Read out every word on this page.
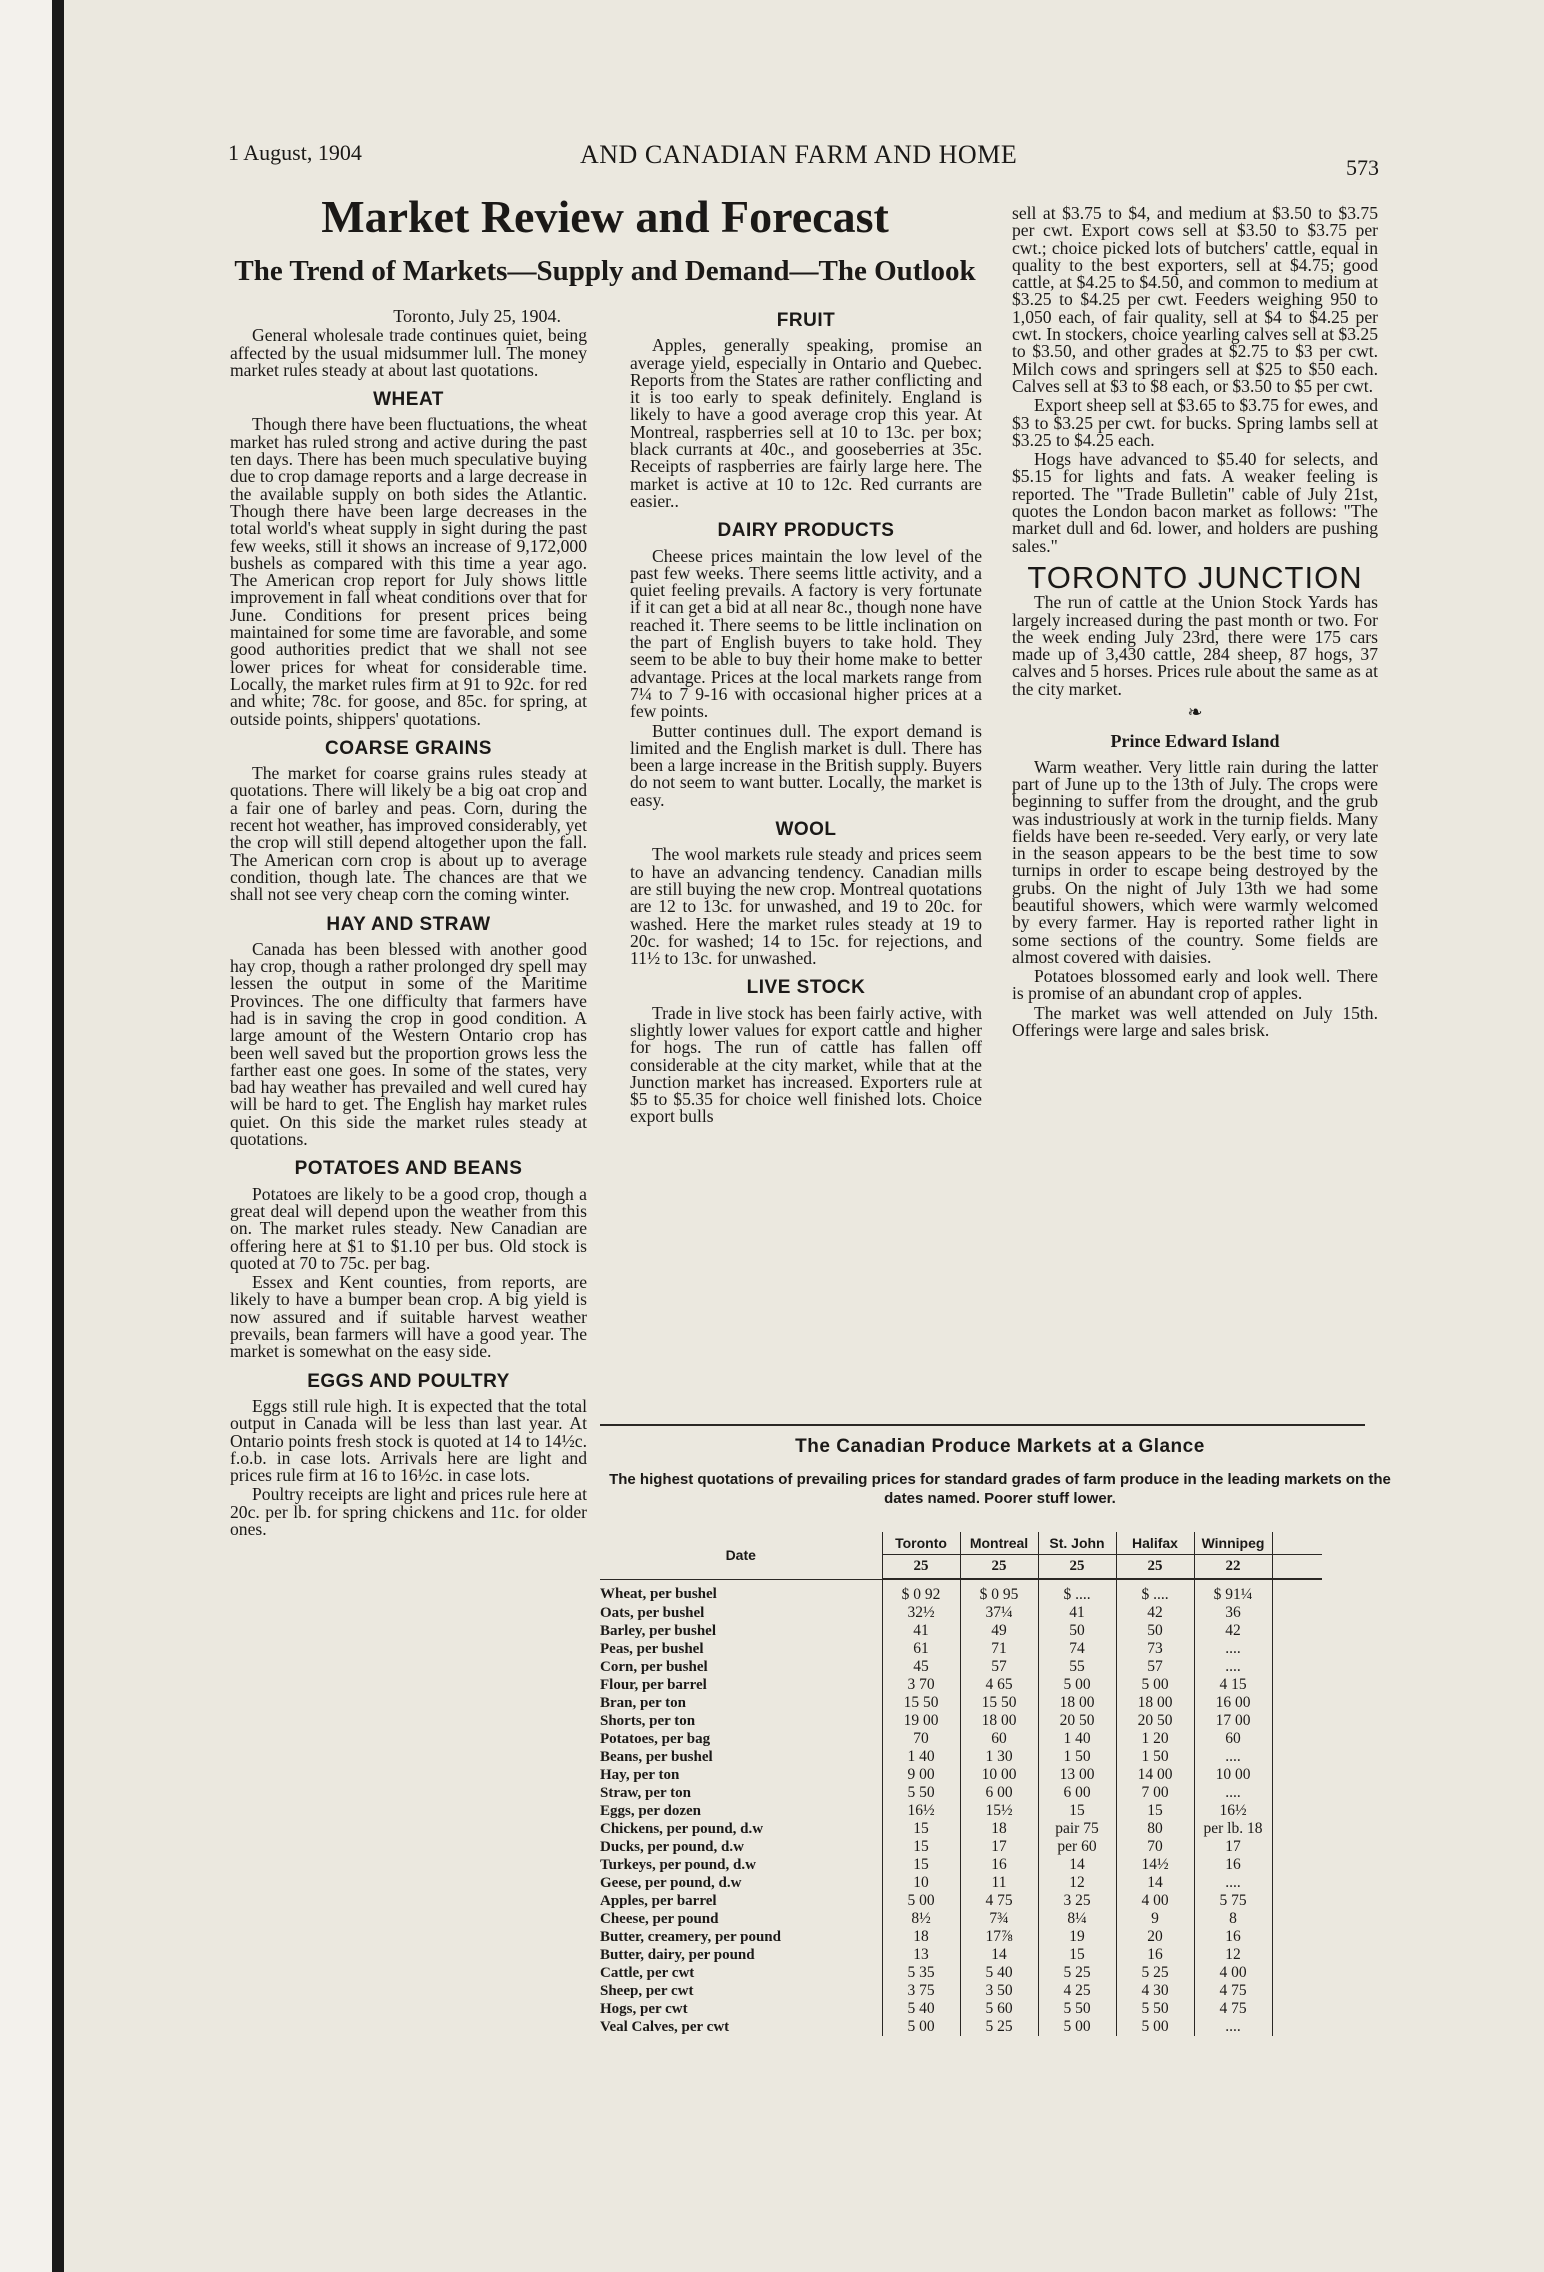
1 August, 1904	AND CANADIAN FARM AND HOME	573
Market Review and Forecast
The Trend of Markets—Supply and Demand—The Outlook

Toronto, July 25, 1904.

General wholesale trade continues quiet, being affected by the usual midsummer lull. The money market rules steady at about last quotations.

WHEAT

Though there have been fluctuations, the wheat market has ruled strong and active during the past ten days. There has been much speculative buying due to crop damage reports and a large decrease in the available supply on both sides the Atlantic. Though there have been large decreases in the total world's wheat supply in sight during the past few weeks, still it shows an increase of 9,172,000 bushels as compared with this time a year ago. The American crop report for July shows little improvement in fall wheat conditions over that for June. Conditions for present prices being maintained for some time are favorable, and some good authorities predict that we shall not see lower prices for wheat for considerable time. Locally, the market rules firm at 91 to 92c. for red and white; 78c. for goose, and 85c. for spring, at outside points, shippers' quotations.

COARSE GRAINS

The market for coarse grains rules steady at quotations. There will likely be a big oat crop and a fair one of barley and peas. Corn, during the recent hot weather, has improved considerably, yet the crop will still depend altogether upon the fall. The American corn crop is about up to average condition, though late. The chances are that we shall not see very cheap corn the coming winter.

HAY AND STRAW

Canada has been blessed with another good hay crop, though a rather prolonged dry spell may lessen the output in some of the Maritime Provinces. The one difficulty that farmers have had is in saving the crop in good condition. A large amount of the Western Ontario crop has been well saved but the proportion grows less the farther east one goes. In some of the states, very bad hay weather has prevailed and well cured hay will be hard to get. The English hay market rules quiet. On this side the market rules steady at quotations.

POTATOES AND BEANS

Potatoes are likely to be a good crop, though a great deal will depend upon the weather from this on. The market rules steady. New Canadian are offering here at $1 to $1.10 per bus. Old stock is quoted at 70 to 75c. per bag.

Essex and Kent counties, from reports, are likely to have a bumper bean crop. A big yield is now assured and if suitable harvest weather prevails, bean farmers will have a good year. The market is somewhat on the easy side.

EGGS AND POULTRY

Eggs still rule high. It is expected that the total output in Canada will be less than last year. At Ontario points fresh stock is quoted at 14 to 14½c. f.o.b. in case lots. Arrivals here are light and prices rule firm at 16 to 16½c. in case lots.

Poultry receipts are light and prices rule here at 20c. per lb. for spring chickens and 11c. for older ones.

FRUIT

Apples, generally speaking, promise an average yield, especially in Ontario and Quebec. Reports from the States are rather conflicting and it is too early to speak definitely. England is likely to have a good average crop this year. At Montreal, raspberries sell at 10 to 13c. per box; black currants at 40c., and gooseberries at 35c. Receipts of raspberries are fairly large here. The market is active at 10 to 12c. Red currants are easier..

DAIRY PRODUCTS

Cheese prices maintain the low level of the past few weeks. There seems little activity, and a quiet feeling prevails. A factory is very fortunate if it can get a bid at all near 8c., though none have reached it. There seems to be little inclination on the part of English buyers to take hold. They seem to be able to buy their home make to better advantage. Prices at the local markets range from 7¼ to 7 9-16 with occasional higher prices at a few points.

Butter continues dull. The export demand is limited and the English market is dull. There has been a large increase in the British supply. Buyers do not seem to want butter. Locally, the market is easy.

WOOL

The wool markets rule steady and prices seem to have an advancing tendency. Canadian mills are still buying the new crop. Montreal quotations are 12 to 13c. for unwashed, and 19 to 20c. for washed. Here the market rules steady at 19 to 20c. for washed; 14 to 15c. for rejections, and 11½ to 13c. for unwashed.

LIVE STOCK

Trade in live stock has been fairly active, with slightly lower values for export cattle and higher for hogs. The run of cattle has fallen off considerable at the city market, while that at the Junction market has increased. Exporters rule at $5 to $5.35 for choice well finished lots. Choice export bulls

sell at $3.75 to $4, and medium at $3.50 to $3.75 per cwt. Export cows sell at $3.50 to $3.75 per cwt.; choice picked lots of butchers' cattle, equal in quality to the best exporters, sell at $4.75; good cattle, at $4.25 to $4.50, and common to medium at $3.25 to $4.25 per cwt. Feeders weighing 950 to 1,050 each, of fair quality, sell at $4 to $4.25 per cwt. In stockers, choice yearling calves sell at $3.25 to $3.50, and other grades at $2.75 to $3 per cwt. Milch cows and springers sell at $25 to $50 each. Calves sell at $3 to $8 each, or $3.50 to $5 per cwt.

Export sheep sell at $3.65 to $3.75 for ewes, and $3 to $3.25 per cwt. for bucks. Spring lambs sell at $3.25 to $4.25 each.

Hogs have advanced to $5.40 for selects, and $5.15 for lights and fats. A weaker feeling is reported. The "Trade Bulletin" cable of July 21st, quotes the London bacon market as follows: "The market dull and 6d. lower, and holders are pushing sales."

TORONTO JUNCTION

The run of cattle at the Union Stock Yards has largely increased during the past month or two. For the week ending July 23rd, there were 175 cars made up of 3,430 cattle, 284 sheep, 87 hogs, 37 calves and 5 horses. Prices rule about the same as at the city market.

❧
Prince Edward Island

Warm weather. Very little rain during the latter part of June up to the 13th of July. The crops were beginning to suffer from the drought, and the grub was industriously at work in the turnip fields. Many fields have been re-seeded. Very early, or very late in the season appears to be the best time to sow turnips in order to escape being destroyed by the grubs. On the night of July 13th we had some beautiful showers, which were warmly welcomed by every farmer. Hay is reported rather light in some sections of the country. Some fields are almost covered with daisies.

Potatoes blossomed early and look well. There is promise of an abundant crop of apples.

The market was well attended on July 15th. Offerings were large and sales brisk.

The Canadian Produce Markets at a Glance
The highest quotations of prevailing prices for standard grades of farm produce in the leading markets on the dates named. Poorer stuff lower.
Date	Toronto	Montreal	St. John	Halifax	Winnipeg	
	25	25	25	25	22	
Wheat, per bushel	$ 0 92	$ 0 95	$ ....	$ ....	$ 91¼	
Oats, per bushel	32½	37¼	41	42	36	
Barley, per bushel	41	49	50	50	42	
Peas, per bushel	61	71	74	73	....	
Corn, per bushel	45	57	55	57	....	
Flour, per barrel	3 70	4 65	5 00	5 00	4 15	
Bran, per ton	15 50	15 50	18 00	18 00	16 00	
Shorts, per ton	19 00	18 00	20 50	20 50	17 00	
Potatoes, per bag	70	60	1 40	1 20	60	
Beans, per bushel	1 40	1 30	1 50	1 50	....	
Hay, per ton	9 00	10 00	13 00	14 00	10 00	
Straw, per ton	5 50	6 00	6 00	7 00	....	
Eggs, per dozen	16½	15½	15	15	16½	
Chickens, per pound, d.w	15	18	pair 75	80	per lb. 18	
Ducks, per pound, d.w	15	17	per 60	70	17	
Turkeys, per pound, d.w	15	16	14	14½	16	
Geese, per pound, d.w	10	11	12	14	....	
Apples, per barrel	5 00	4 75	3 25	4 00	5 75	
Cheese, per pound	8½	7¾	8¼	9	8	
Butter, creamery, per pound	18	17⅞	19	20	16	
Butter, dairy, per pound	13	14	15	16	12	
Cattle, per cwt	5 35	5 40	5 25	5 25	4 00	
Sheep, per cwt	3 75	3 50	4 25	4 30	4 75	
Hogs, per cwt	5 40	5 60	5 50	5 50	4 75	
Veal Calves, per cwt	5 00	5 25	5 00	5 00	....	
